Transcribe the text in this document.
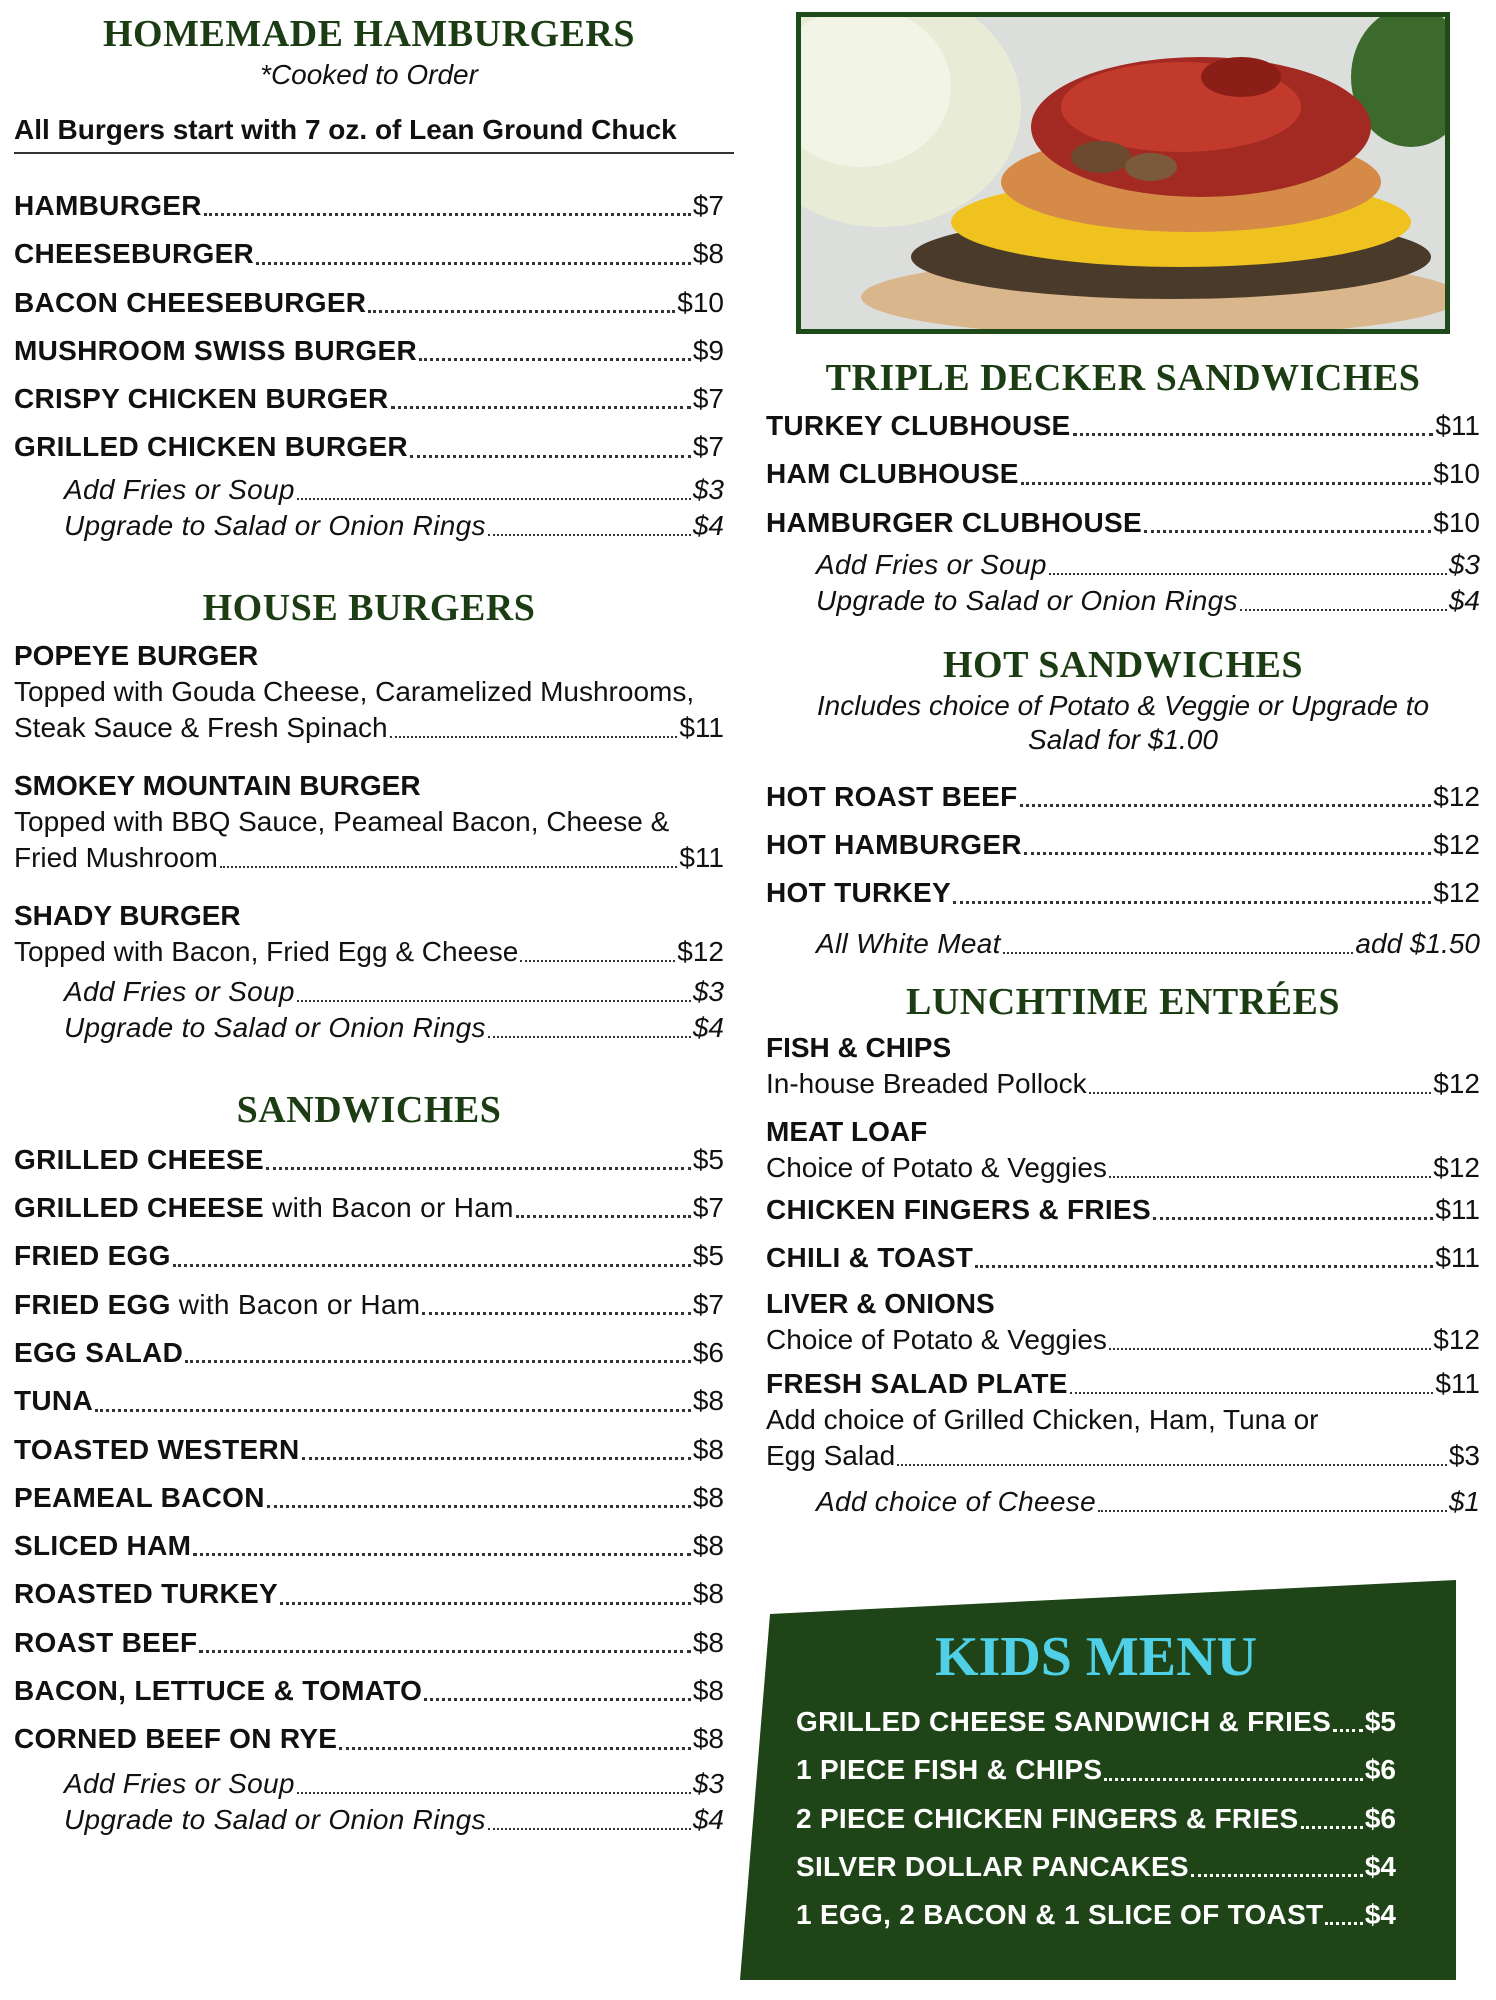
HOMEMADE HAMBURGERS
*Cooked to Order
All Burgers start with 7 oz. of Lean Ground Chuck
HAMBURGER	$7
CHEESEBURGER	$8
BACON CHEESEBURGER	$10
MUSHROOM SWISS BURGER	$9
CRISPY CHICKEN BURGER	$7
GRILLED CHICKEN BURGER	$7
Add Fries or Soup	$3
Upgrade to Salad or Onion Rings	$4
HOUSE BURGERS
POPEYE BURGER
Topped with Gouda Cheese, Caramelized Mushrooms,
Steak Sauce & Fresh Spinach	$11
SMOKEY MOUNTAIN BURGER
Topped with BBQ Sauce, Peameal Bacon, Cheese &
Fried Mushroom	$11
SHADY BURGER
Topped with Bacon, Fried Egg & Cheese	$12
Add Fries or Soup	$3
Upgrade to Salad or Onion Rings	$4
SANDWICHES
GRILLED CHEESE	$5
GRILLED CHEESE with Bacon or Ham	$7
FRIED EGG	$5
FRIED EGG with Bacon or Ham	$7
EGG SALAD	$6
TUNA	$8
TOASTED WESTERN	$8
PEAMEAL BACON	$8
SLICED HAM	$8
ROASTED TURKEY	$8
ROAST BEEF	$8
BACON, LETTUCE & TOMATO	$8
CORNED BEEF ON RYE	$8
Add Fries or Soup	$3
Upgrade to Salad or Onion Rings	$4
TRIPLE DECKER SANDWICHES
TURKEY CLUBHOUSE	$11
HAM CLUBHOUSE	$10
HAMBURGER CLUBHOUSE	$10
Add Fries or Soup	$3
Upgrade to Salad or Onion Rings	$4
HOT SANDWICHES
Includes choice of Potato & Veggie or Upgrade to
Salad for $1.00
HOT ROAST BEEF	$12
HOT HAMBURGER	$12
HOT TURKEY	$12
All White Meat	add $1.50
LUNCHTIME ENTRÉES
FISH & CHIPS
In-house Breaded Pollock	$12
MEAT LOAF
Choice of Potato & Veggies	$12
CHICKEN FINGERS & FRIES	$11
CHILI & TOAST	$11
LIVER & ONIONS
Choice of Potato & Veggies	$12
FRESH SALAD PLATE	$11
Add choice of Grilled Chicken, Ham, Tuna or
Egg Salad	$3
Add choice of Cheese	$1
KIDS MENU
GRILLED CHEESE SANDWICH & FRIES $5
1 PIECE FISH & CHIPS	$6
2 PIECE CHICKEN FINGERS & FRIES $6
SILVER DOLLAR PANCAKES	$4
1 EGG, 2 BACON & 1 SLICE OF TOAST $4
